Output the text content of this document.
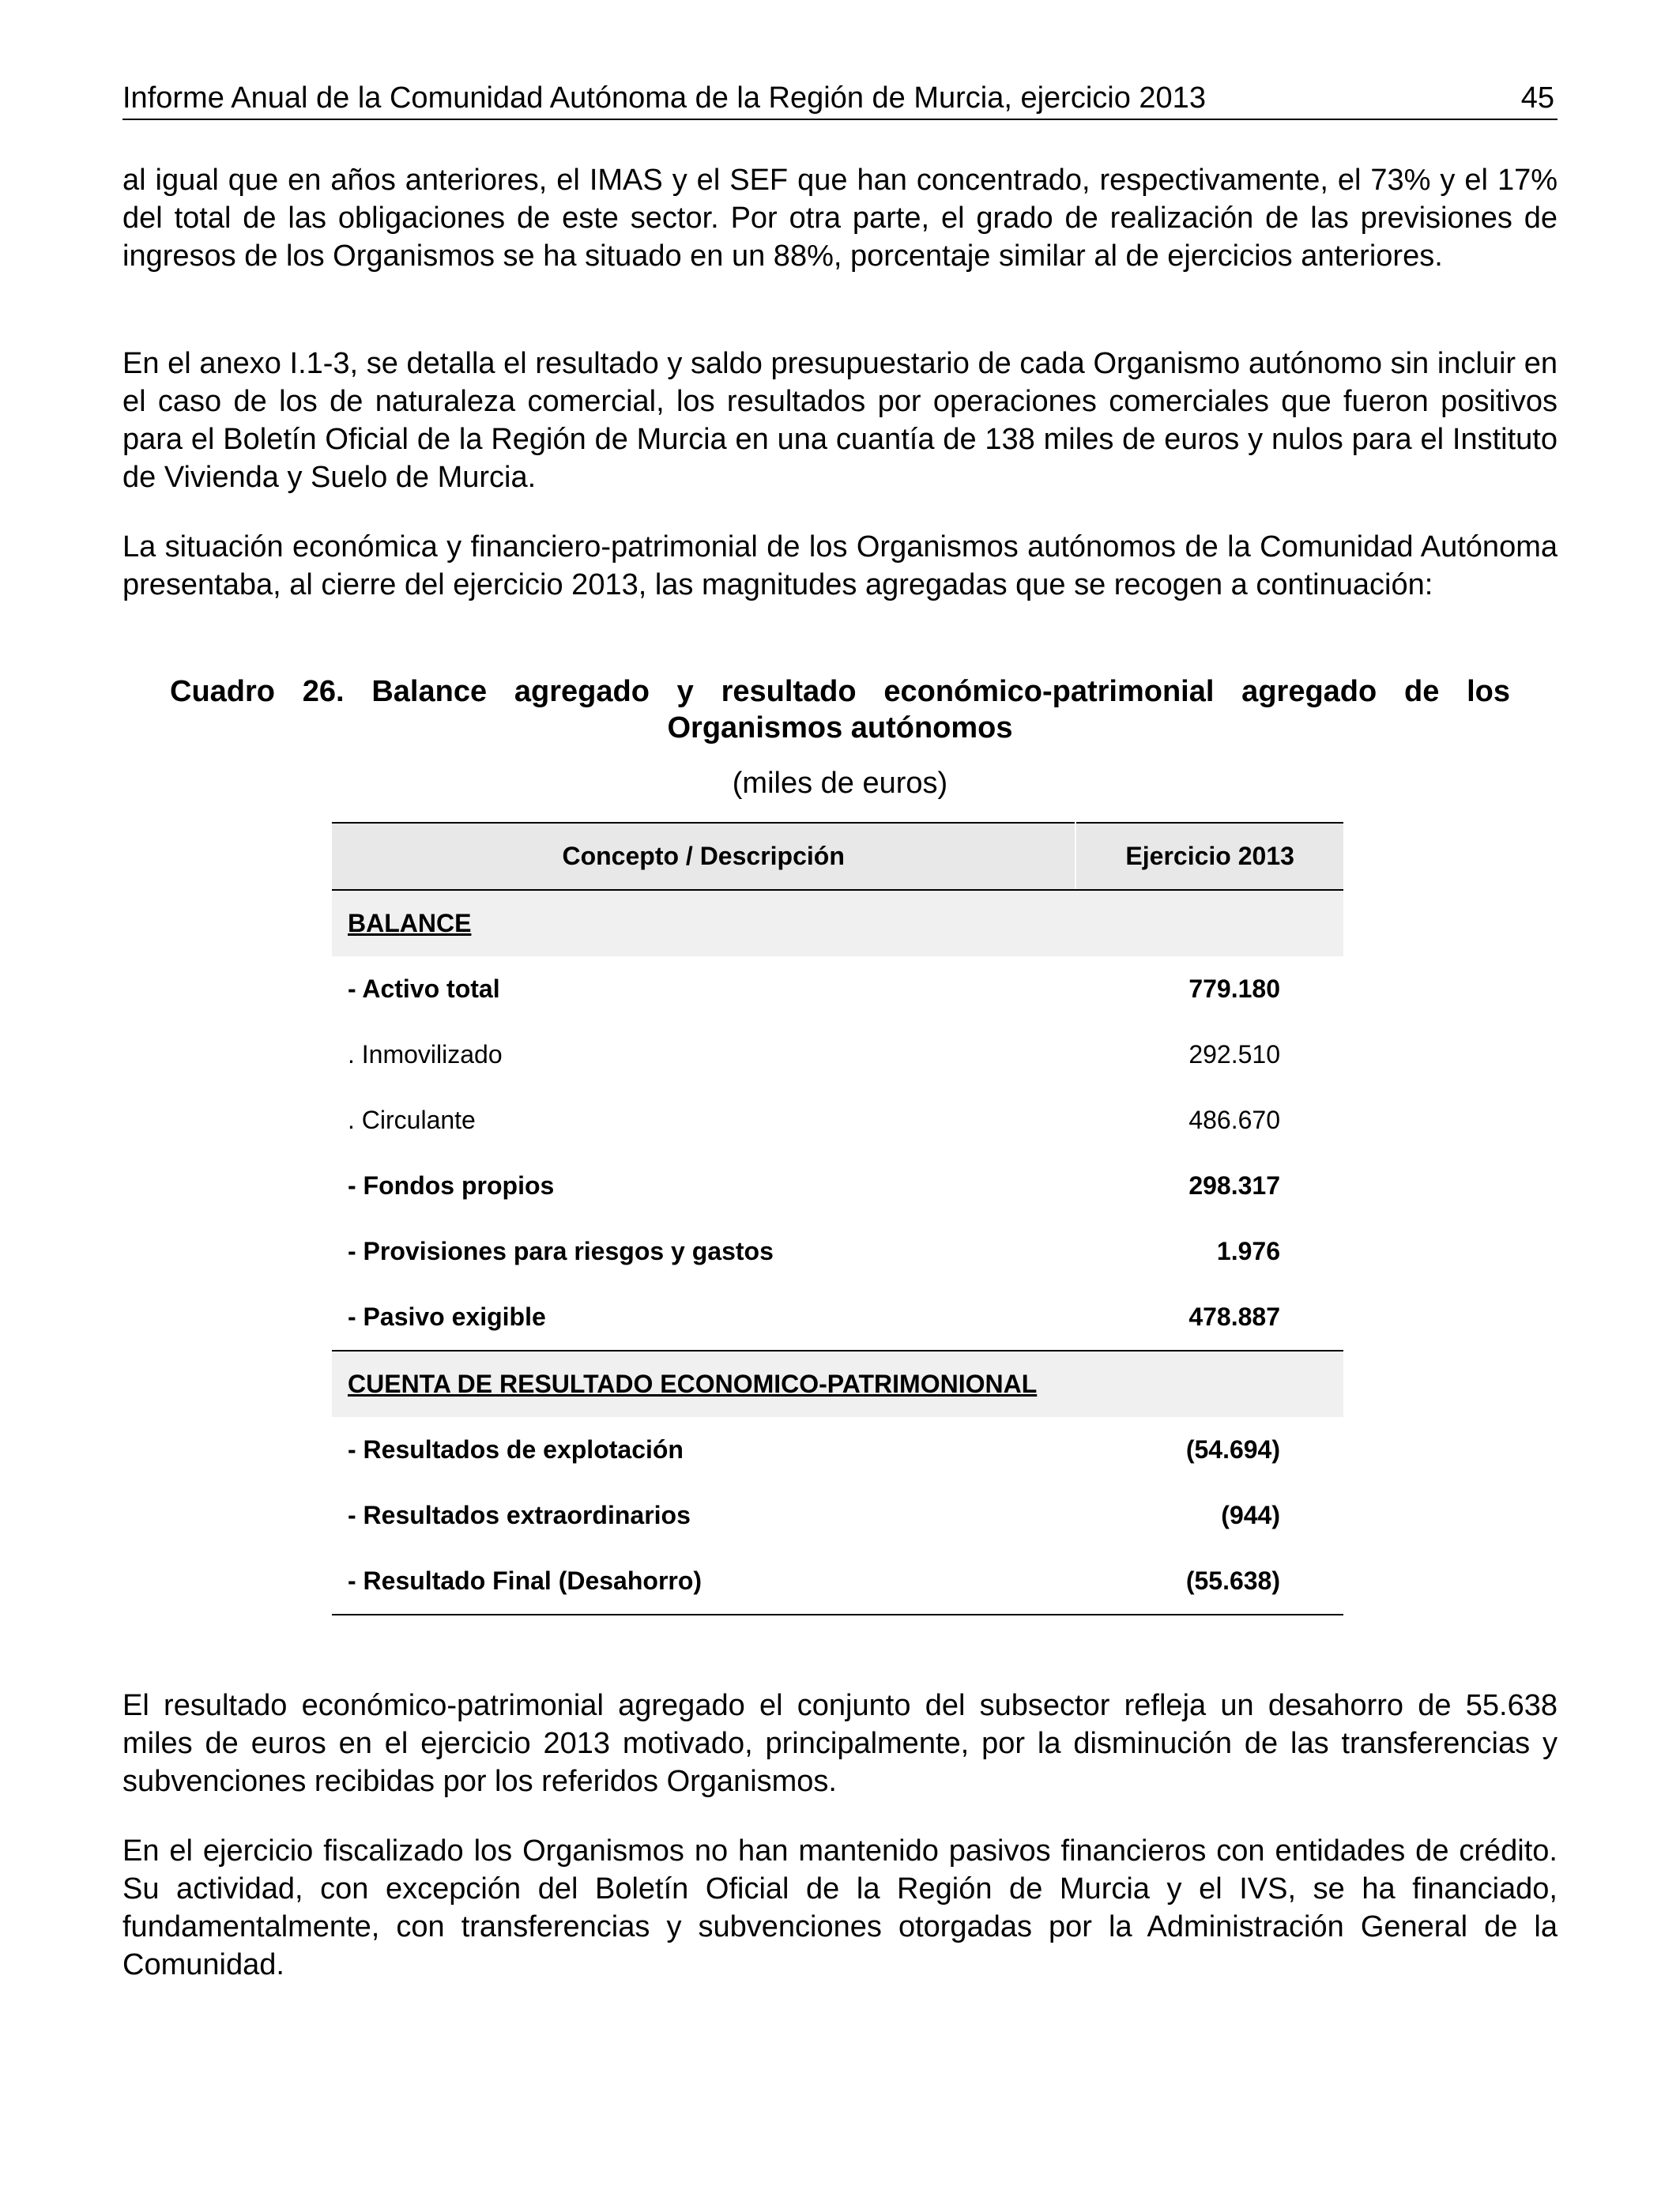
Informe Anual de la Comunidad Autónoma de la Región de Murcia, ejercicio 2013	45

al igual que en años anteriores, el IMAS y el SEF que han concentrado, respectivamente, el 73% y el 17% del total de las obligaciones de este sector. Por otra parte, el grado de realización de las previsiones de ingresos de los Organismos se ha situado en un 88%, porcentaje similar al de ejercicios anteriores.

En el anexo I.1-3, se detalla el resultado y saldo presupuestario de cada Organismo autónomo sin incluir en el caso de los de naturaleza comercial, los resultados por operaciones comerciales que fueron positivos para el Boletín Oficial de la Región de Murcia en una cuantía de 138 miles de euros y nulos para el Instituto de Vivienda y Suelo de Murcia.

La situación económica y financiero-patrimonial de los Organismos autónomos de la Comunidad Autónoma presentaba, al cierre del ejercicio 2013, las magnitudes agregadas que se recogen a continuación:

Cuadro 26. Balance agregado y resultado económico-patrimonial agregado de los
Organismos autónomos
(miles de euros)
Concepto / Descripción	Ejercicio 2013
BALANCE	
- Activo total	779.180
. Inmovilizado	292.510
. Circulante	486.670
- Fondos propios	298.317
- Provisiones para riesgos y gastos	1.976
- Pasivo exigible	478.887
CUENTA DE RESULTADO ECONOMICO-PATRIMONIONAL	
- Resultados de explotación	(54.694)
- Resultados extraordinarios	(944)
- Resultado Final (Desahorro)	(55.638)

El resultado económico-patrimonial agregado el conjunto del subsector refleja un desahorro de 55.638 miles de euros en el ejercicio 2013 motivado, principalmente, por la disminución de las transferencias y subvenciones recibidas por los referidos Organismos.

En el ejercicio fiscalizado los Organismos no han mantenido pasivos financieros con entidades de crédito. Su actividad, con excepción del Boletín Oficial de la Región de Murcia y el IVS, se ha financiado, fundamentalmente, con transferencias y subvenciones otorgadas por la Administración General de la Comunidad.
